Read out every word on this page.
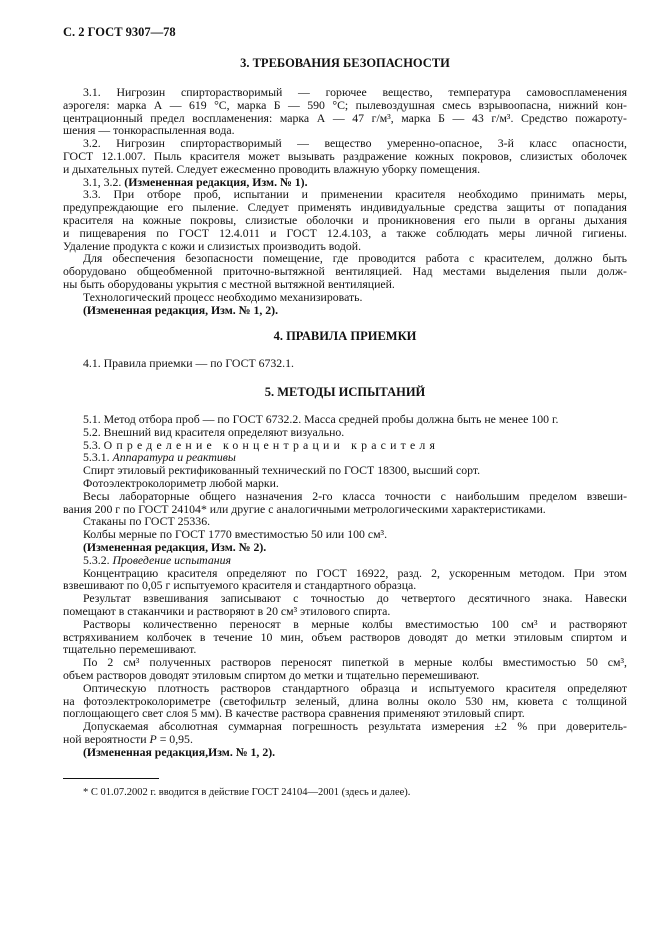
С. 2 ГОСТ 9307—78
3. ТРЕБОВАНИЯ БЕЗОПАСНОСТИ
3.1. Нигрозин спирторастворимый — горючее вещество, температура самовоспламенения
аэрогеля: марка А — 619 °С, марка Б — 590 °С; пылевоздушная смесь взрывоопасна, нижний кон-
центрационный предел воспламенения: марка А — 47 г/м³, марка Б — 43 г/м³. Средство пожароту-
шения — тонкораспыленная вода.
3.2. Нигрозин спирторастворимый — вещество умеренно-опасное, 3-й класс опасности,
ГОСТ 12.1.007. Пыль красителя может вызывать раздражение кожных покровов, слизистых оболочек
и дыхательных путей. Следует ежесменно проводить влажную уборку помещения.
3.1, 3.2. (Измененная редакция, Изм. № 1).
3.3. При отборе проб, испытании и применении красителя необходимо принимать меры,
предупреждающие его пыление. Следует применять индивидуальные средства защиты от попадания
красителя на кожные покровы, слизистые оболочки и проникновения его пыли в органы дыхания
и пищеварения по ГОСТ 12.4.011 и ГОСТ 12.4.103, а также соблюдать меры личной гигиены.
Удаление продукта с кожи и слизистых производить водой.
Для обеспечения безопасности помещение, где проводится работа с красителем, должно быть
оборудовано общеобменной приточно-вытяжной вентиляцией. Над местами выделения пыли долж-
ны быть оборудованы укрытия с местной вытяжной вентиляцией.
Технологический процесс необходимо механизировать.
(Измененная редакция, Изм. № 1, 2).
4. ПРАВИЛА ПРИЕМКИ
4.1. Правила приемки — по ГОСТ 6732.1.
5. МЕТОДЫ ИСПЫТАНИЙ
5.1. Метод отбора проб — по ГОСТ 6732.2. Масса средней пробы должна быть не менее 100 г.
5.2. Внешний вид красителя определяют визуально.
5.3. Определение концентрации красителя
5.3.1. Аппаратура и реактивы
Спирт этиловый ректификованный технический по ГОСТ 18300, высший сорт.
Фотоэлектроколориметр любой марки.
Весы лабораторные общего назначения 2-го класса точности с наибольшим пределом взвеши-
вания 200 г по ГОСТ 24104* или другие с аналогичными метрологическими характеристиками.
Стаканы по ГОСТ 25336.
Колбы мерные по ГОСТ 1770 вместимостью 50 или 100 см³.
(Измененная редакция, Изм. № 2).
5.3.2. Проведение испытания
Концентрацию красителя определяют по ГОСТ 16922, разд. 2, ускоренным методом. При этом
взвешивают по 0,05 г испытуемого красителя и стандартного образца.
Результат взвешивания записывают с точностью до четвертого десятичного знака. Навески
помещают в стаканчики и растворяют в 20 см³ этилового спирта.
Растворы количественно переносят в мерные колбы вместимостью 100 см³ и растворяют
встряхиванием колбочек в течение 10 мин, объем растворов доводят до метки этиловым спиртом и
тщательно перемешивают.
По 2 см³ полученных растворов переносят пипеткой в мерные колбы вместимостью 50 см³,
объем растворов доводят этиловым спиртом до метки и тщательно перемешивают.
Оптическую плотность растворов стандартного образца и испытуемого красителя определяют
на фотоэлектроколориметре (светофильтр зеленый, длина волны около 530 нм, кювета с толщиной
поглощающего свет слоя 5 мм). В качестве раствора сравнения применяют этиловый спирт.
Допускаемая абсолютная суммарная погрешность результата измерения ±2 % при доверитель-
ной вероятности P = 0,95.
(Измененная редакция,Изм. № 1, 2).
* С 01.07.2002 г. вводится в действие ГОСТ 24104—2001 (здесь и далее).
